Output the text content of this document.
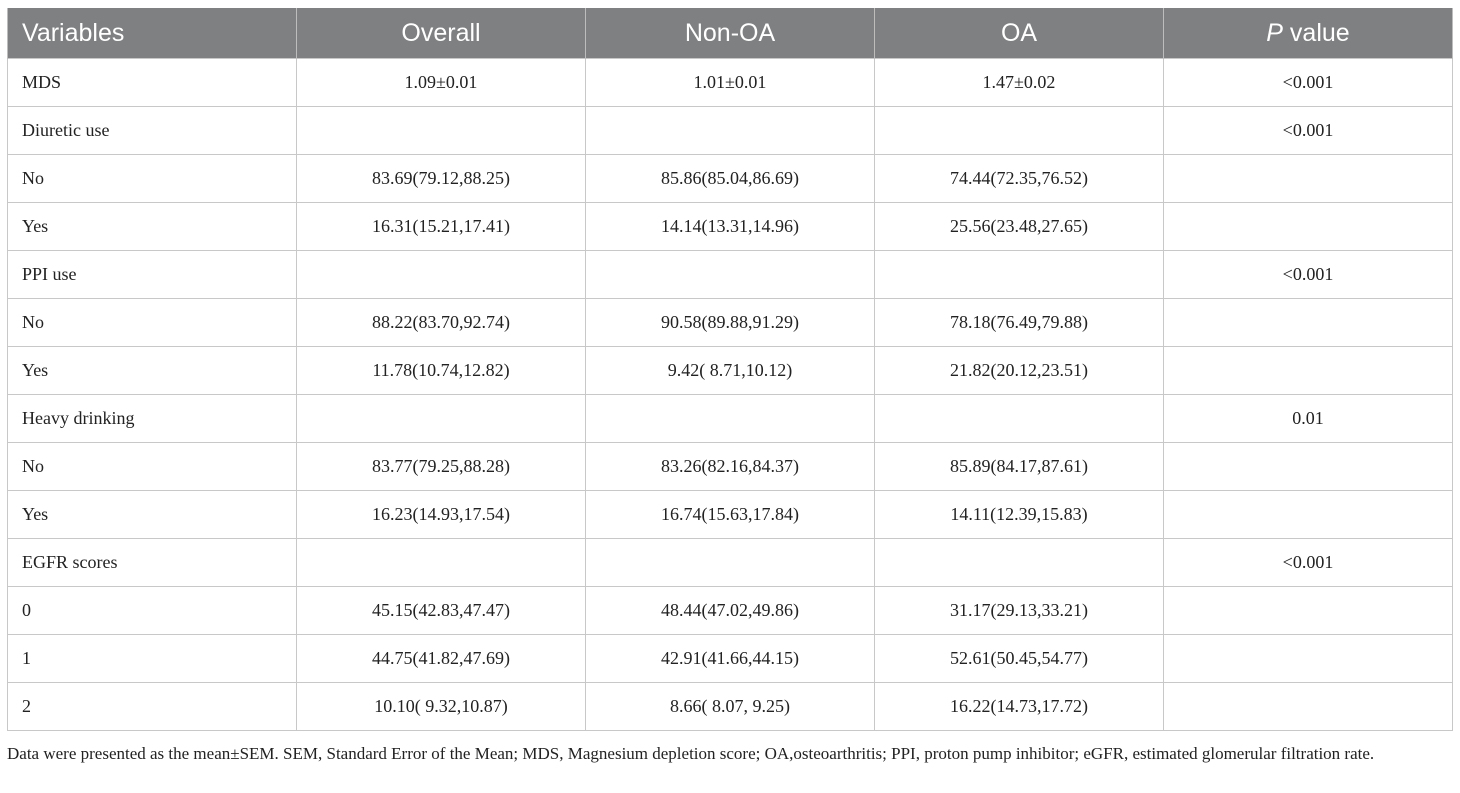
Variables	Overall	Non-OA	OA	P value
MDS	1.09±0.01	1.01±0.01	1.47±0.02	<0.001
Diuretic use				<0.001
No	83.69(79.12,88.25)	85.86(85.04,86.69)	74.44(72.35,76.52)	
Yes	16.31(15.21,17.41)	14.14(13.31,14.96)	25.56(23.48,27.65)	
PPI use				<0.001
No	88.22(83.70,92.74)	90.58(89.88,91.29)	78.18(76.49,79.88)	
Yes	11.78(10.74,12.82)	9.42( 8.71,10.12)	21.82(20.12,23.51)	
Heavy drinking				0.01
No	83.77(79.25,88.28)	83.26(82.16,84.37)	85.89(84.17,87.61)	
Yes	16.23(14.93,17.54)	16.74(15.63,17.84)	14.11(12.39,15.83)	
EGFR scores				<0.001
0	45.15(42.83,47.47)	48.44(47.02,49.86)	31.17(29.13,33.21)	
1	44.75(41.82,47.69)	42.91(41.66,44.15)	52.61(50.45,54.77)	
2	10.10( 9.32,10.87)	8.66( 8.07, 9.25)	16.22(14.73,17.72)	
Data were presented as the mean±SEM. SEM, Standard Error of the Mean; MDS, Magnesium depletion score; OA,osteoarthritis; PPI, proton pump inhibitor; eGFR, estimated glomerular filtration rate.
